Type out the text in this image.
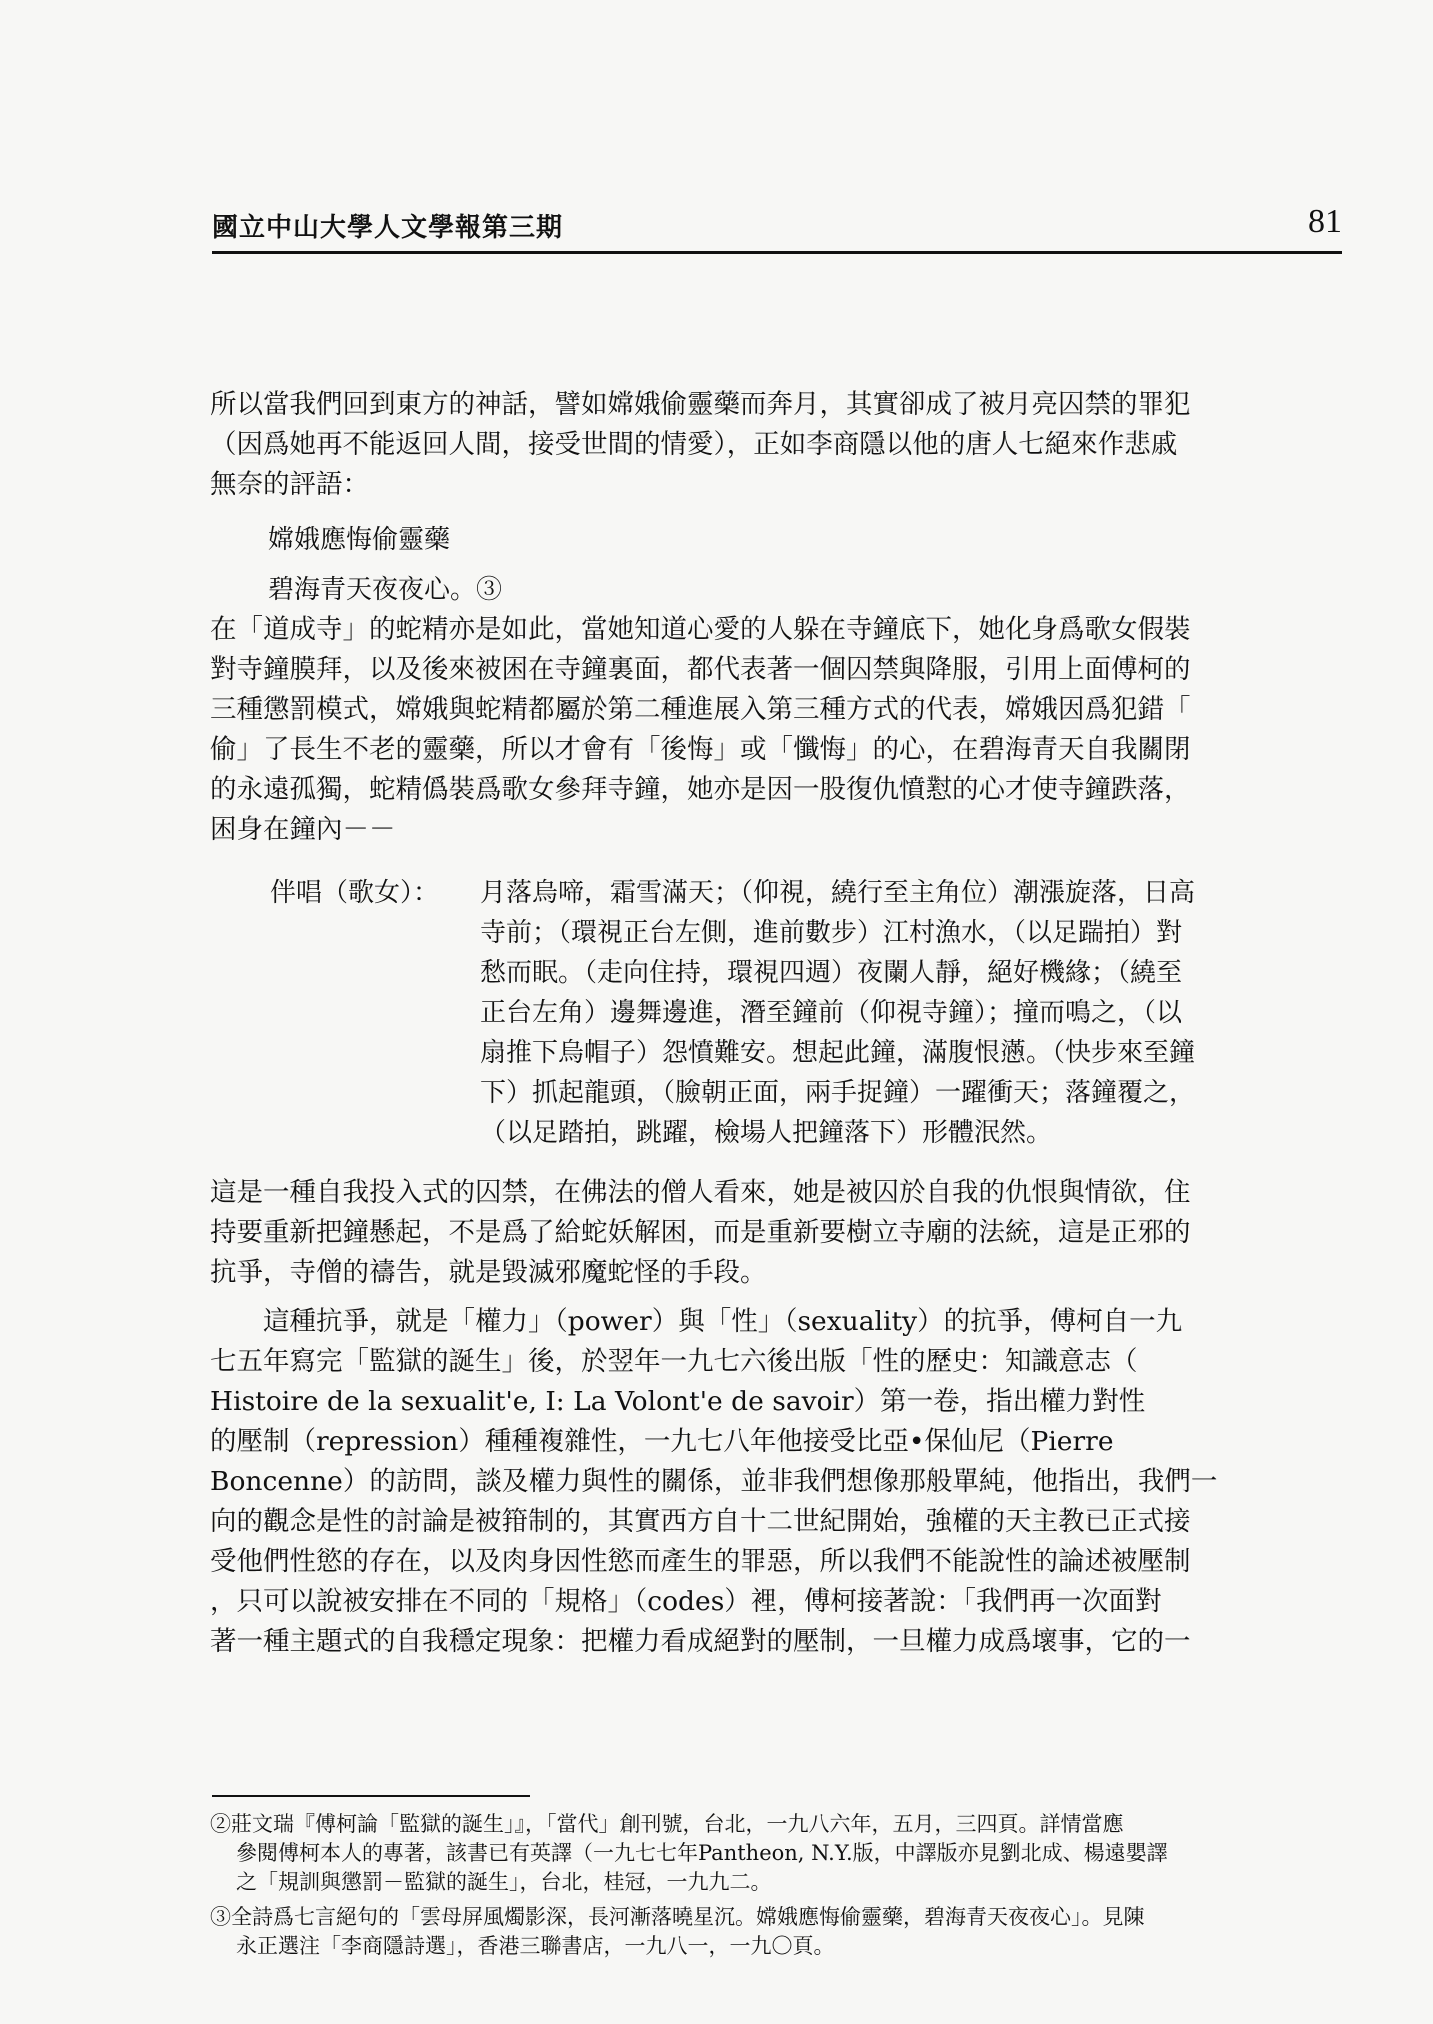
國立中山大學人文學報第三期	81
所以當我們回到東方的神話，譬如嫦娥偷靈藥而奔月，其實卻成了被月亮囚禁的罪犯
（因爲她再不能返回人間，接受世間的情愛），正如李商隱以他的唐人七絕來作悲戚
無奈的評語：
嫦娥應悔偷靈藥
碧海青天夜夜心。③
在「道成寺」的蛇精亦是如此，當她知道心愛的人躲在寺鐘底下，她化身爲歌女假裝
對寺鐘膜拜，以及後來被困在寺鐘裏面，都代表著一個囚禁與降服，引用上面傅柯的
三種懲罰模式，嫦娥與蛇精都屬於第二種進展入第三種方式的代表，嫦娥因爲犯錯「
偷」了長生不老的靈藥，所以才會有「後悔」或「懺悔」的心，在碧海青天自我關閉
的永遠孤獨，蛇精僞裝爲歌女參拜寺鐘，她亦是因一股復仇憤懟的心才使寺鐘跌落，
困身在鐘內－－
伴唱（歌女）：	月落烏啼，霜雪滿天；（仰視，繞行至主角位）潮漲旋落，日高
寺前；（環視正台左側，進前數步）江村漁水，（以足踹拍）對
愁而眠。（走向住持，環視四週）夜闌人靜，絕好機緣；（繞至
正台左角）邊舞邊進，潛至鐘前（仰視寺鐘）；撞而鳴之，（以
扇推下烏帽子）怨憤難安。想起此鐘，滿腹恨懣。（快步來至鐘
下）抓起龍頭，（臉朝正面，兩手捉鐘）一躍衝天；落鐘覆之，
（以足踏拍，跳躍，檢場人把鐘落下）形體泯然。
這是一種自我投入式的囚禁，在佛法的僧人看來，她是被囚於自我的仇恨與情欲，住
持要重新把鐘懸起，不是爲了給蛇妖解困，而是重新要樹立寺廟的法統，這是正邪的
抗爭，寺僧的禱告，就是毀滅邪魔蛇怪的手段。
　　這種抗爭，就是「權力」（power）與「性」（sexuality）的抗爭，傅柯自一九
七五年寫完「監獄的誕生」後，於翌年一九七六後出版「性的歷史：知識意志（
Histoire de la sexualit'e, I: La Volont'e de savoir）第一卷，指出權力對性
的壓制（repression）種種複雜性，一九七八年他接受比亞•保仙尼（Pierre
Boncenne）的訪問，談及權力與性的關係，並非我們想像那般單純，他指出，我們一
向的觀念是性的討論是被箝制的，其實西方自十二世紀開始，強權的天主教已正式接
受他們性慾的存在，以及肉身因性慾而產生的罪惡，所以我們不能說性的論述被壓制
，只可以說被安排在不同的「規格」（codes）裡，傅柯接著說：「我們再一次面對
著一種主題式的自我穩定現象：把權力看成絕對的壓制，一旦權力成爲壞事，它的一
②莊文瑞『傅柯論「監獄的誕生」』，「當代」創刊號，台北，一九八六年，五月，三四頁。詳情當應
參閱傅柯本人的專著，該書已有英譯（一九七七年Pantheon, N.Y.版，中譯版亦見劉北成、楊遠嬰譯
之「規訓與懲罰－監獄的誕生」，台北，桂冠，一九九二。
③全詩爲七言絕句的「雲母屏風燭影深，長河漸落曉星沉。嫦娥應悔偷靈藥，碧海青天夜夜心」。見陳
永正選注「李商隱詩選」，香港三聯書店，一九八一，一九〇頁。
